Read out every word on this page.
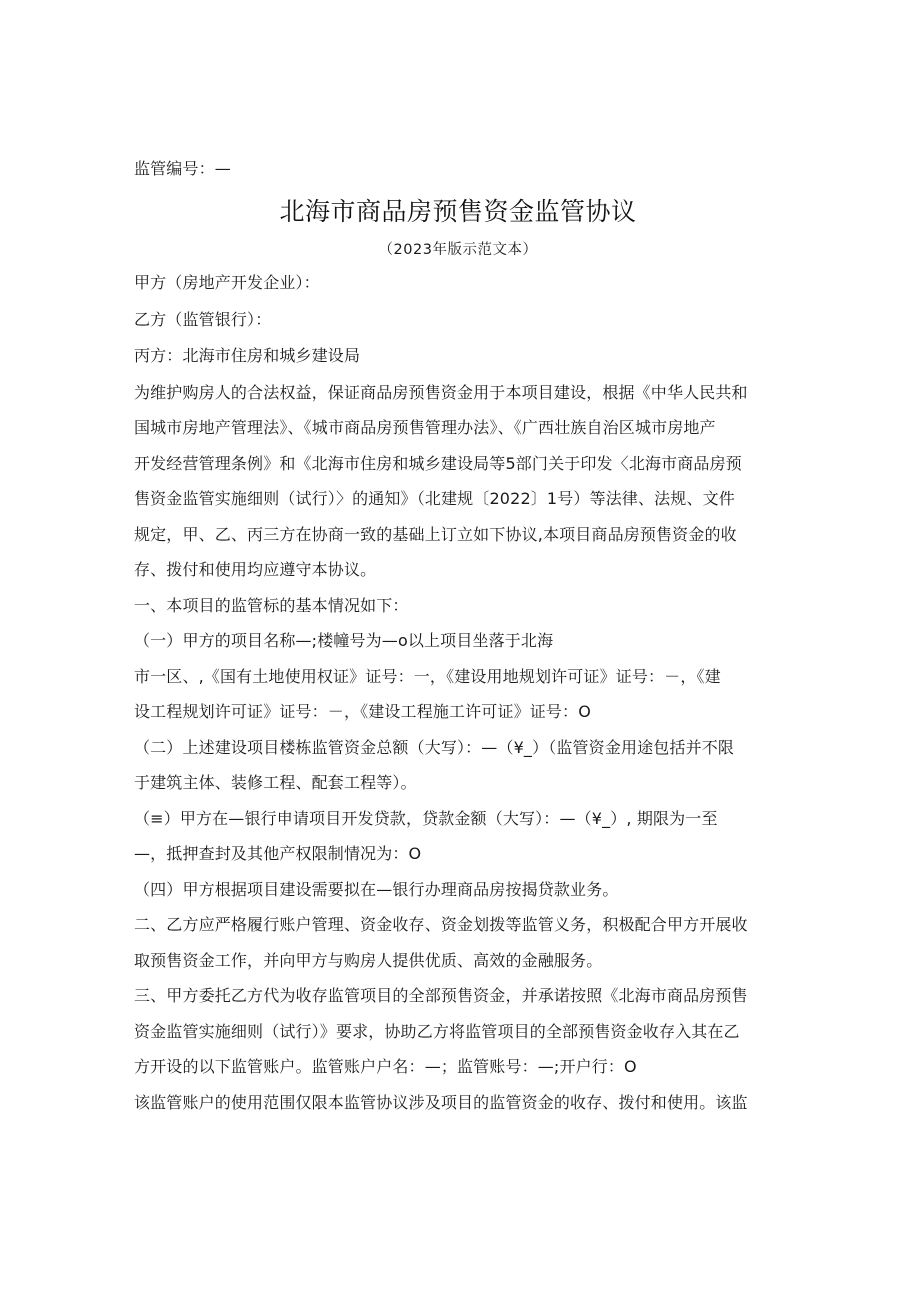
监管编号：—
北海市商品房预售资金监管协议
（2023年版示范文本）
甲方（房地产开发企业）：
乙方（监管银行）：
丙方：北海市住房和城乡建设局
为维护购房人的合法权益，保证商品房预售资金用于本项目建设，根据《中华人民共和
国城市房地产管理法》、《城市商品房预售管理办法》、《广西壮族自治区城市房地产
开发经营管理条例》和《北海市住房和城乡建设局等5部门关于印发〈北海市商品房预
售资金监管实施细则（试行）〉的通知》（北建规〔2022〕1号）等法律、法规、文件
规定，甲、乙、丙三方在协商一致的基础上订立如下协议,本项目商品房预售资金的收
存、拨付和使用均应遵守本协议。
一、本项目的监管标的基本情况如下：
（一）甲方的项目名称—;楼幢号为—o以上项目坐落于北海
市一区、,《国有土地使用权证》证号：一，《建设用地规划许可证》证号：－，《建
设工程规划许可证》证号：－，《建设工程施工许可证》证号：O
（二）上述建设项目楼栋监管资金总额（大写）：—（¥_）（监管资金用途包括并不限
于建筑主体、装修工程、配套工程等）。
（≡）甲方在—银行申请项目开发贷款，贷款金额（大写）：—（¥_）, 期限为一至
—，抵押查封及其他产权限制情况为：O
（四）甲方根据项目建设需要拟在—银行办理商品房按揭贷款业务。
二、乙方应严格履行账户管理、资金收存、资金划拨等监管义务，积极配合甲方开展收
取预售资金工作，并向甲方与购房人提供优质、高效的金融服务。
三、甲方委托乙方代为收存监管项目的全部预售资金，并承诺按照《北海市商品房预售
资金监管实施细则（试行）》要求，协助乙方将监管项目的全部预售资金收存入其在乙
方开设的以下监管账户。监管账户户名：—；监管账号：—;开户行：O
该监管账户的使用范围仅限本监管协议涉及项目的监管资金的收存、拨付和使用。该监
